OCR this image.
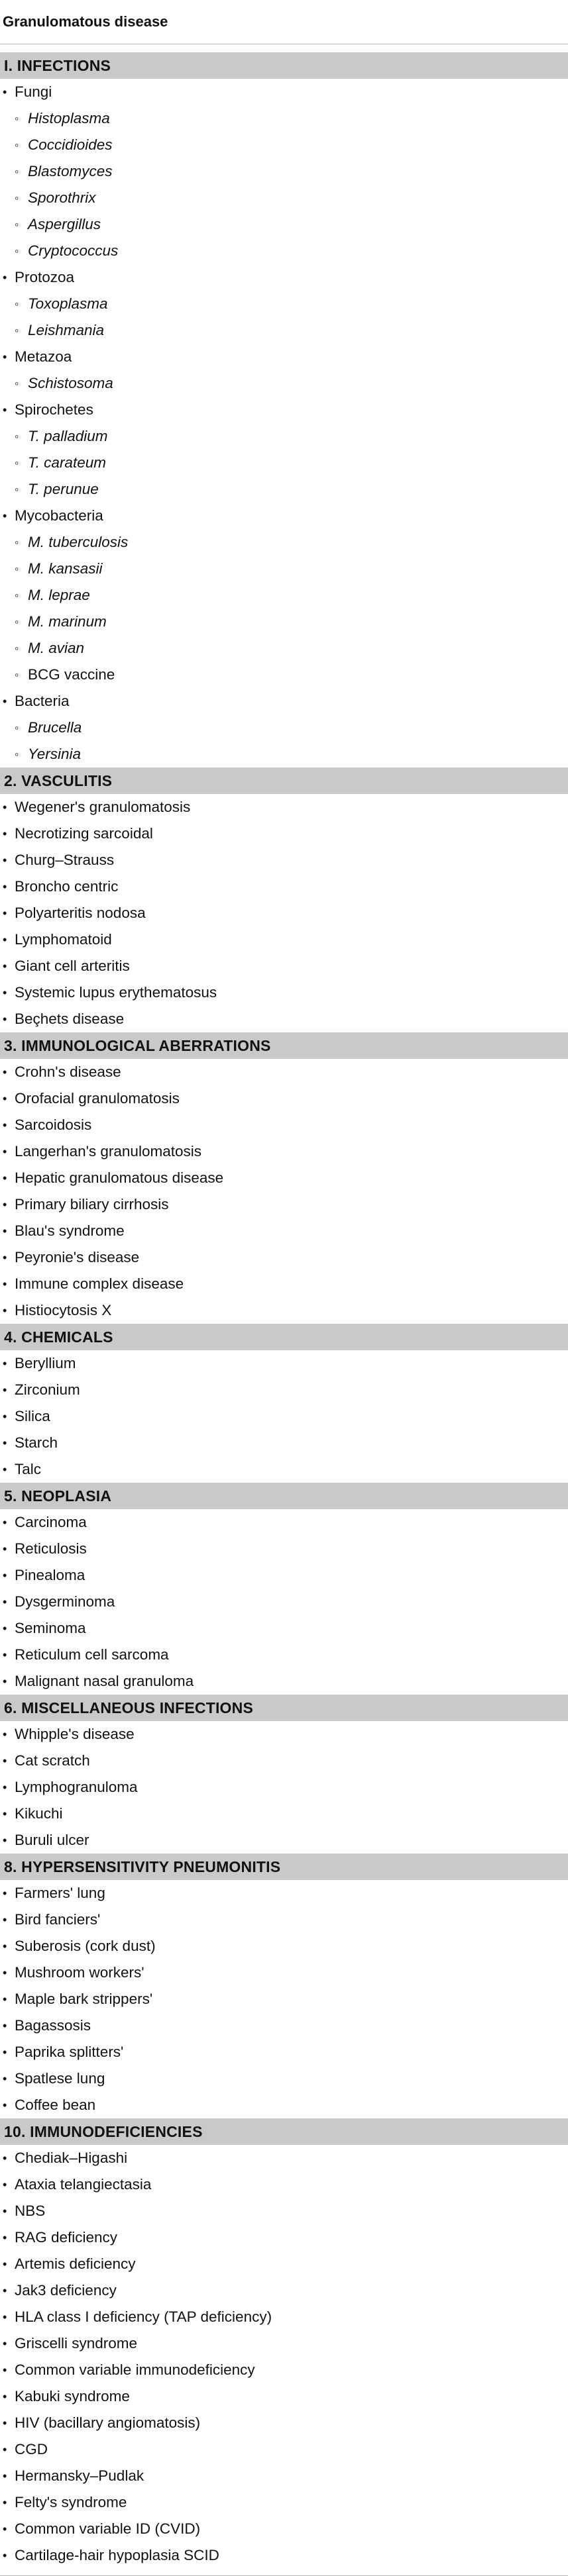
Granulomatous disease
I. INFECTIONS
• Fungi
◦ Histoplasma
◦ Coccidioides
◦ Blastomyces
◦ Sporothrix
◦ Aspergillus
◦ Cryptococcus
• Protozoa
◦ Toxoplasma
◦ Leishmania
• Metazoa
◦ Schistosoma
• Spirochetes
◦ T. palladium
◦ T. carateum
◦ T. perunue
• Mycobacteria
◦ M. tuberculosis
◦ M. kansasii
◦ M. leprae
◦ M. marinum
◦ M. avian
◦ BCG vaccine
• Bacteria
◦ Brucella
◦ Yersinia
2. VASCULITIS
• Wegener's granulomatosis
• Necrotizing sarcoidal
• Churg–Strauss
• Broncho centric
• Polyarteritis nodosa
• Lymphomatoid
• Giant cell arteritis
• Systemic lupus erythematosus
• Beçhets disease
3. IMMUNOLOGICAL ABERRATIONS
• Crohn's disease
• Orofacial granulomatosis
• Sarcoidosis
• Langerhan's granulomatosis
• Hepatic granulomatous disease
• Primary biliary cirrhosis
• Blau's syndrome
• Peyronie's disease
• Immune complex disease
• Histiocytosis X
4. CHEMICALS
• Beryllium
• Zirconium
• Silica
• Starch
• Talc
5. NEOPLASIA
• Carcinoma
• Reticulosis
• Pinealoma
• Dysgerminoma
• Seminoma
• Reticulum cell sarcoma
• Malignant nasal granuloma
6. MISCELLANEOUS INFECTIONS
• Whipple's disease
• Cat scratch
• Lymphogranuloma
• Kikuchi
• Buruli ulcer
8. HYPERSENSITIVITY PNEUMONITIS
• Farmers' lung
• Bird fanciers'
• Suberosis (cork dust)
• Mushroom workers'
• Maple bark strippers'
• Bagassosis
• Paprika splitters'
• Spatlese lung
• Coffee bean
10. IMMUNODEFICIENCIES
• Chediak–Higashi
• Ataxia telangiectasia
• NBS
• RAG deficiency
• Artemis deficiency
• Jak3 deficiency
• HLA class I deficiency (TAP deficiency)
• Griscelli syndrome
• Common variable immunodeficiency
• Kabuki syndrome
• HIV (bacillary angiomatosis)
• CGD
• Hermansky–Pudlak
• Felty's syndrome
• Common variable ID (CVID)
• Cartilage-hair hypoplasia SCID
